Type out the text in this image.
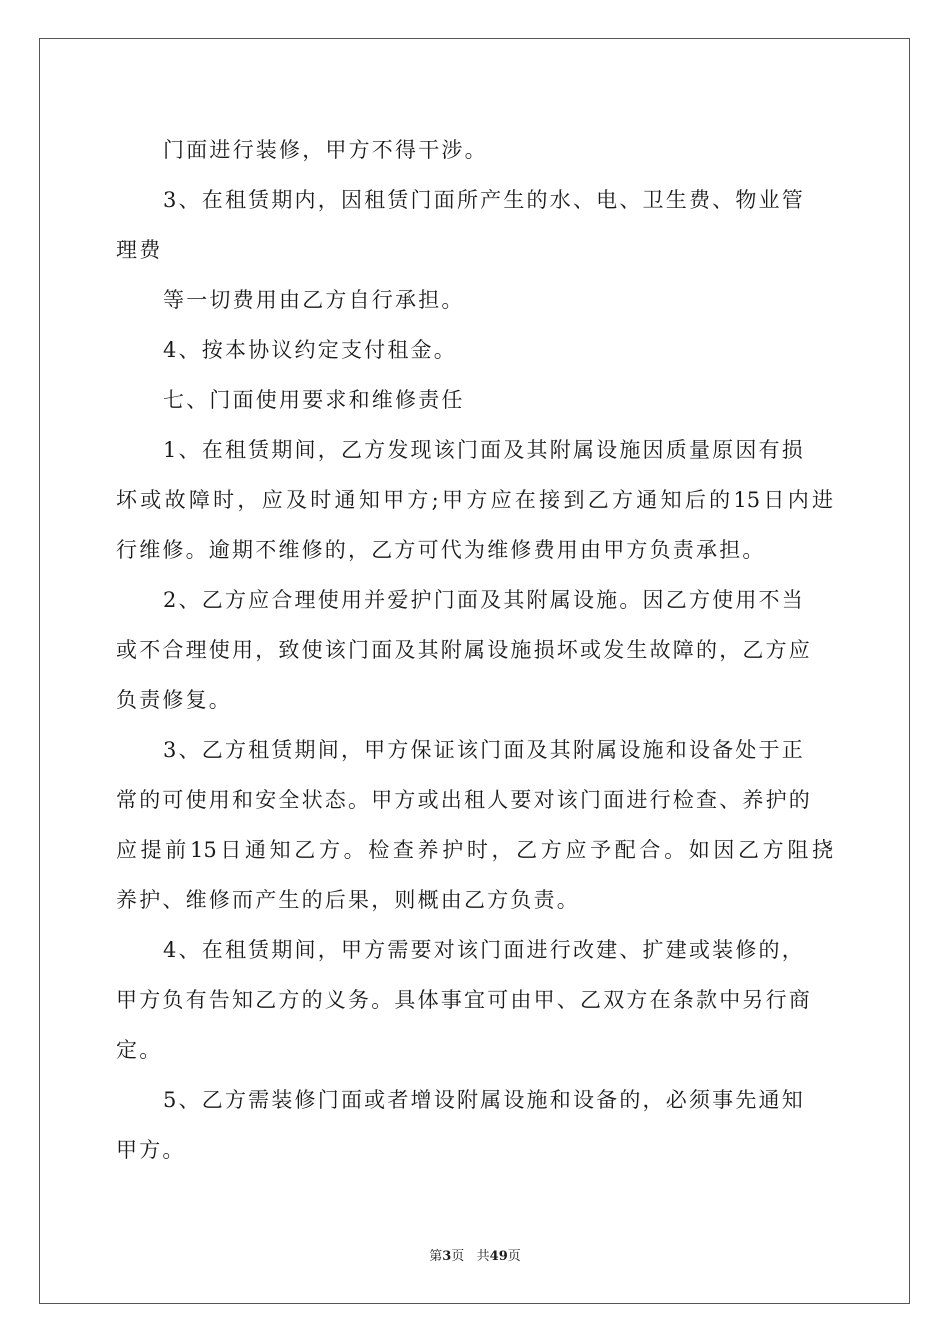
门面进行装修，甲方不得干涉。
3、在租赁期内，因租赁门面所产生的水、电、卫生费、物业管
理费
等一切费用由乙方自行承担。
4、按本协议约定支付租金。
七、门面使用要求和维修责任
1、在租赁期间，乙方发现该门面及其附属设施因质量原因有损
坏或故障时，应及时通知甲方;甲方应在接到乙方通知后的15日内进
行维修。逾期不维修的，乙方可代为维修费用由甲方负责承担。
2、乙方应合理使用并爱护门面及其附属设施。因乙方使用不当
或不合理使用，致使该门面及其附属设施损坏或发生故障的，乙方应
负责修复。
3、乙方租赁期间，甲方保证该门面及其附属设施和设备处于正
常的可使用和安全状态。甲方或出租人要对该门面进行检查、养护的
应提前15日通知乙方。检查养护时，乙方应予配合。如因乙方阻挠
养护、维修而产生的后果，则概由乙方负责。
4、在租赁期间，甲方需要对该门面进行改建、扩建或装修的，
甲方负有告知乙方的义务。具体事宜可由甲、乙双方在条款中另行商
定。
5、乙方需装修门面或者增设附属设施和设备的，必须事先通知
甲方。
第3页   共49页
